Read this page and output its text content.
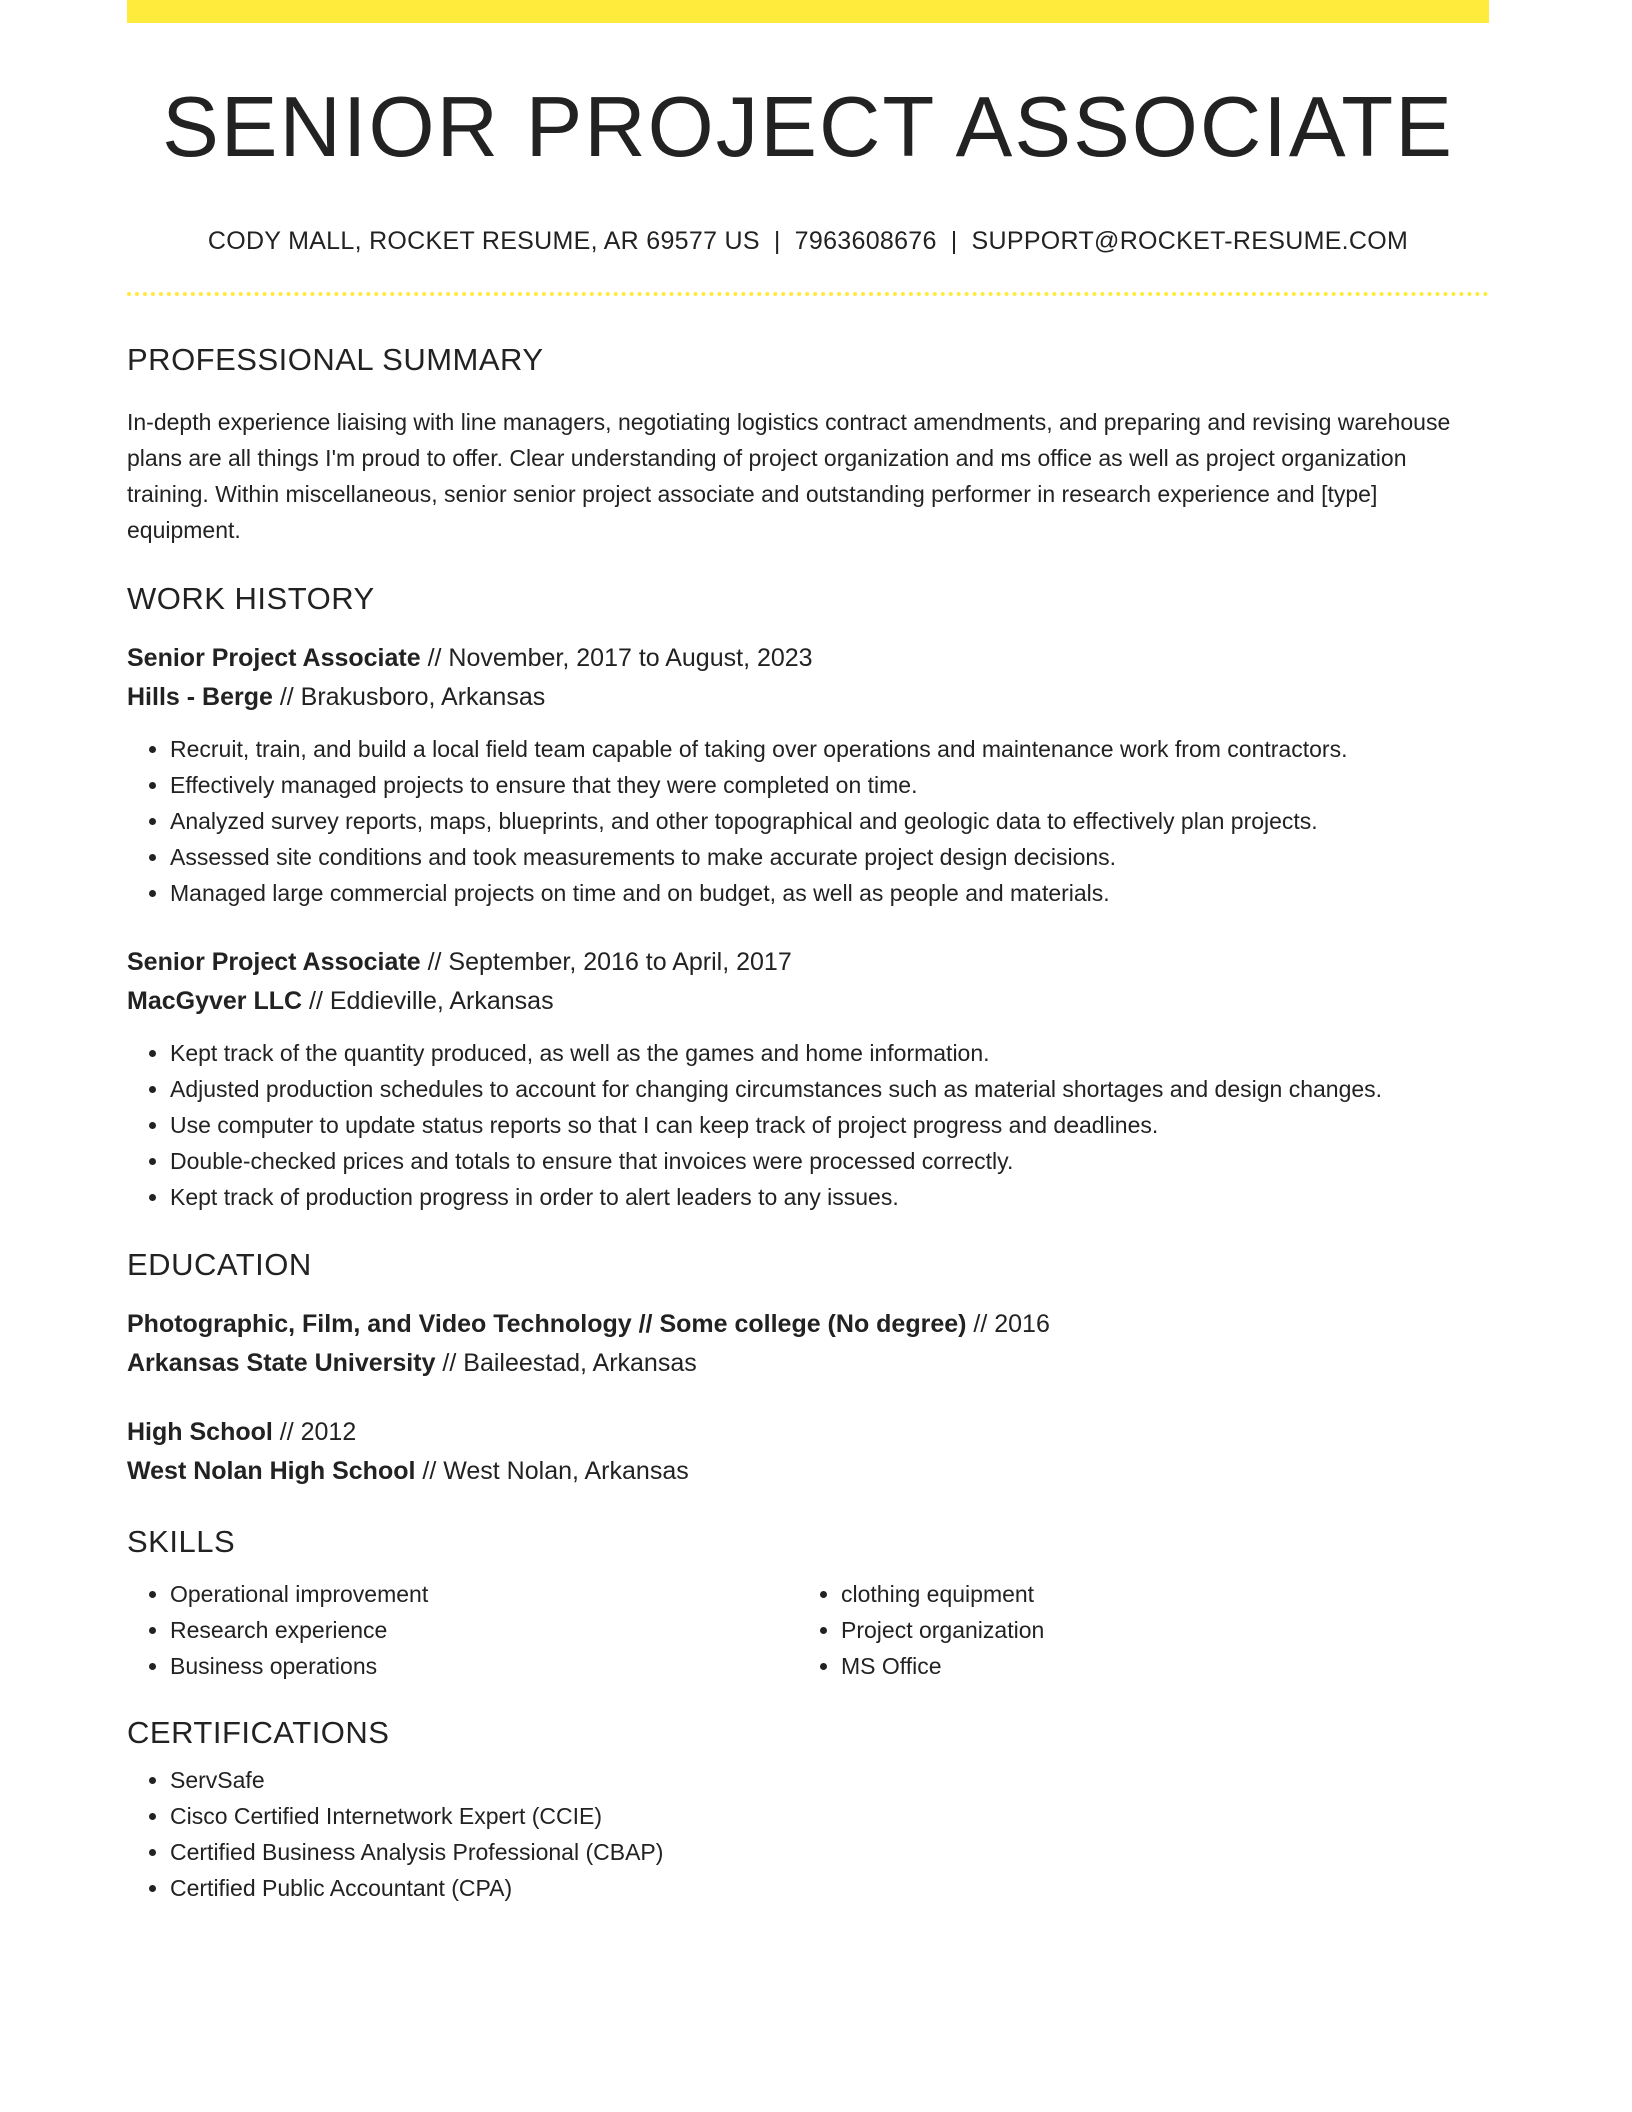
SENIOR PROJECT ASSOCIATE
CODY MALL, ROCKET RESUME, AR 69577 US | 7963608676 | SUPPORT@ROCKET-RESUME.COM
PROFESSIONAL SUMMARY
In-depth experience liaising with line managers, negotiating logistics contract amendments, and preparing and revising warehouse plans are all things I'm proud to offer. Clear understanding of project organization and ms office as well as project organization training. Within miscellaneous, senior senior project associate and outstanding performer in research experience and [type] equipment.
WORK HISTORY
Senior Project Associate // November, 2017 to August, 2023
Hills - Berge // Brakusboro, Arkansas
• Recruit, train, and build a local field team capable of taking over operations and maintenance work from contractors.
• Effectively managed projects to ensure that they were completed on time.
• Analyzed survey reports, maps, blueprints, and other topographical and geologic data to effectively plan projects.
• Assessed site conditions and took measurements to make accurate project design decisions.
• Managed large commercial projects on time and on budget, as well as people and materials.
Senior Project Associate // September, 2016 to April, 2017
MacGyver LLC // Eddieville, Arkansas
• Kept track of the quantity produced, as well as the games and home information.
• Adjusted production schedules to account for changing circumstances such as material shortages and design changes.
• Use computer to update status reports so that I can keep track of project progress and deadlines.
• Double-checked prices and totals to ensure that invoices were processed correctly.
• Kept track of production progress in order to alert leaders to any issues.
EDUCATION
Photographic, Film, and Video Technology // Some college (No degree) // 2016
Arkansas State University // Baileestad, Arkansas
High School // 2012
West Nolan High School // West Nolan, Arkansas
SKILLS
• Operational improvement
• Research experience
• Business operations
• clothing equipment
• Project organization
• MS Office
CERTIFICATIONS
• ServSafe
• Cisco Certified Internetwork Expert (CCIE)
• Certified Business Analysis Professional (CBAP)
• Certified Public Accountant (CPA)
